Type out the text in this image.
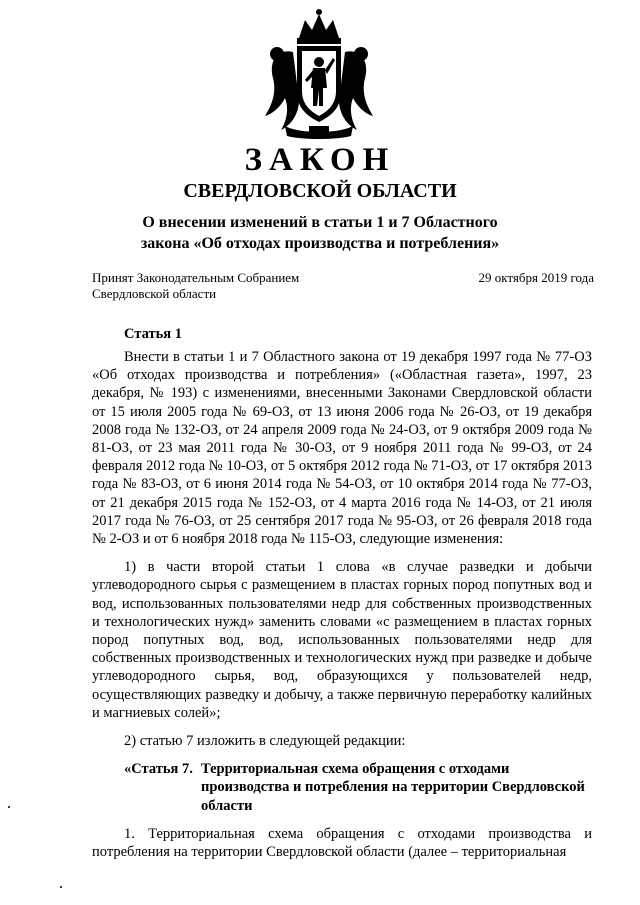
ЗАКОН
СВЕРДЛОВСКОЙ ОБЛАСТИ
О внесении изменений в статьи 1 и 7 Областного
закона «Об отходах производства и потребления»
Принят Законодательным Собранием
Свердловской области
29 октября 2019 года
Статья 1

Внести в статьи 1 и 7 Областного закона от 19 декабря 1997 года № 77-ОЗ «Об отходах производства и потребления» («Областная газета», 1997, 23 декабря, № 193) с изменениями, внесенными Законами Свердловской области от 15 июля 2005 года № 69-ОЗ, от 13 июня 2006 года № 26-ОЗ, от 19 декабря 2008 года № 132-ОЗ, от 24 апреля 2009 года № 24-ОЗ, от 9 октября 2009 года № 81-ОЗ, от 23 мая 2011 года № 30-ОЗ, от 9 ноября 2011 года № 99-ОЗ, от 24 февраля 2012 года № 10-ОЗ, от 5 октября 2012 года № 71-ОЗ, от 17 октября 2013 года № 83-ОЗ, от 6 июня 2014 года № 54-ОЗ, от 10 октября 2014 года № 77-ОЗ, от 21 декабря 2015 года № 152-ОЗ, от 4 марта 2016 года № 14-ОЗ, от 21 июля 2017 года № 76-ОЗ, от 25 сентября 2017 года № 95-ОЗ, от 26 февраля 2018 года № 2-ОЗ и от 6 ноября 2018 года № 115-ОЗ, следующие изменения:

1) в части второй статьи 1 слова «в случае разведки и добычи углеводородного сырья с размещением в пластах горных пород попутных вод и вод, использованных пользователями недр для собственных производственных и технологических нужд» заменить словами «с размещением в пластах горных пород попутных вод, вод, использованных пользователями недр для собственных производственных и технологических нужд при разведке и добыче углеводородного сырья, вод, образующихся у пользователей недр, осуществляющих разведку и добычу, а также первичную переработку калийных и магниевых солей»;

2) статью 7 изложить в следующей редакции:

«Статья 7. Территориальная схема обращения с отходами производства и потребления на территории Свердловской области

1. Территориальная схема обращения с отходами производства и потребления на территории Свердловской области (далее – территориальная
